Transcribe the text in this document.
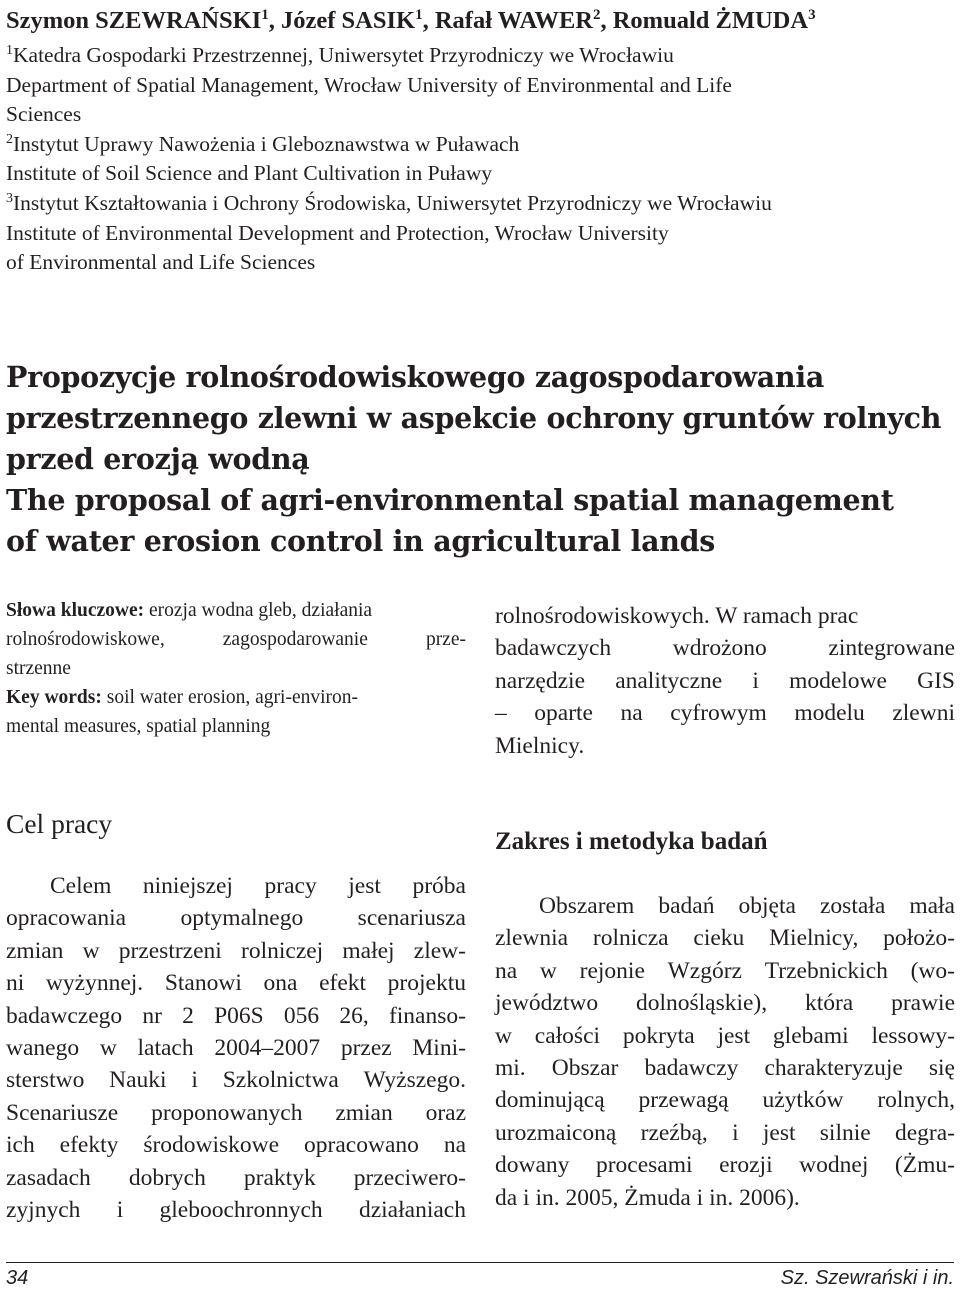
Szymon SZEWRAŃSKI$^1$, Józef SASIK$^1$, Rafał WAWER$^2$, Romuald ŻMUDA$^3$
$^1$Katedra Gospodarki Przestrzennej, Uniwersytet Przyrodniczy we Wrocławiu
Department of Spatial Management, Wrocław University of Environmental and Life
Sciences
$^2$Instytut Uprawy Nawożenia i Gleboznawstwa w Puławach
Institute of Soil Science and Plant Cultivation in Puławy
$^3$Instytut Kształtowania i Ochrony Środowiska, Uniwersytet Przyrodniczy we Wrocławiu
Institute of Environmental Development and Protection, Wrocław University
of Environmental and Life Sciences
Propozycje rolnośrodowiskowego zagospodarowania
przestrzennego zlewni w aspekcie ochrony gruntów rolnych
przed erozją wodną
The proposal of agri-environmental spatial management
of water erosion control in agricultural lands
Słowa kluczowe: erozja wodna gleb, działania
rolnośrodowiskowe,	zagospodarowanie	prze-
strzenne
Key words: soil water erosion, agri-environ-
mental measures, spatial planning
rolnośrodowiskowych. W ramach prac
badawczych	wdrożono	zintegrowane
narzędzie analityczne i modelowe GIS
– oparte na cyfrowym modelu zlewni
Mielnicy.
Cel pracy
Celem niniejszej pracy jest próba
opracowania optymalnego scenariusza
zmian w przestrzeni rolniczej małej zlew-
ni wyżynnej. Stanowi ona efekt projektu
badawczego nr 2 P06S 056 26, finanso-
wanego w latach 2004–2007 przez Mini-
sterstwo Nauki i Szkolnictwa Wyższego.
Scenariusze proponowanych zmian oraz
ich efekty środowiskowe opracowano na
zasadach dobrych praktyk przeciwero-
zyjnych i gleboochronnych działaniach
Zakres i metodyka badań
Obszarem badań objęta została mała
zlewnia rolnicza cieku Mielnicy, położo-
na w rejonie Wzgórz Trzebnickich (wo-
jewództwo dolnośląskie), która prawie
w całości pokryta jest glebami lessowy-
mi. Obszar badawczy charakteryzuje się
dominującą przewagą użytków rolnych,
urozmaiconą rzeźbą, i jest silnie degra-
dowany procesami erozji wodnej (Żmu-
da i in. 2005, Żmuda i in. 2006).
34	Sz. Szewrański i in.
